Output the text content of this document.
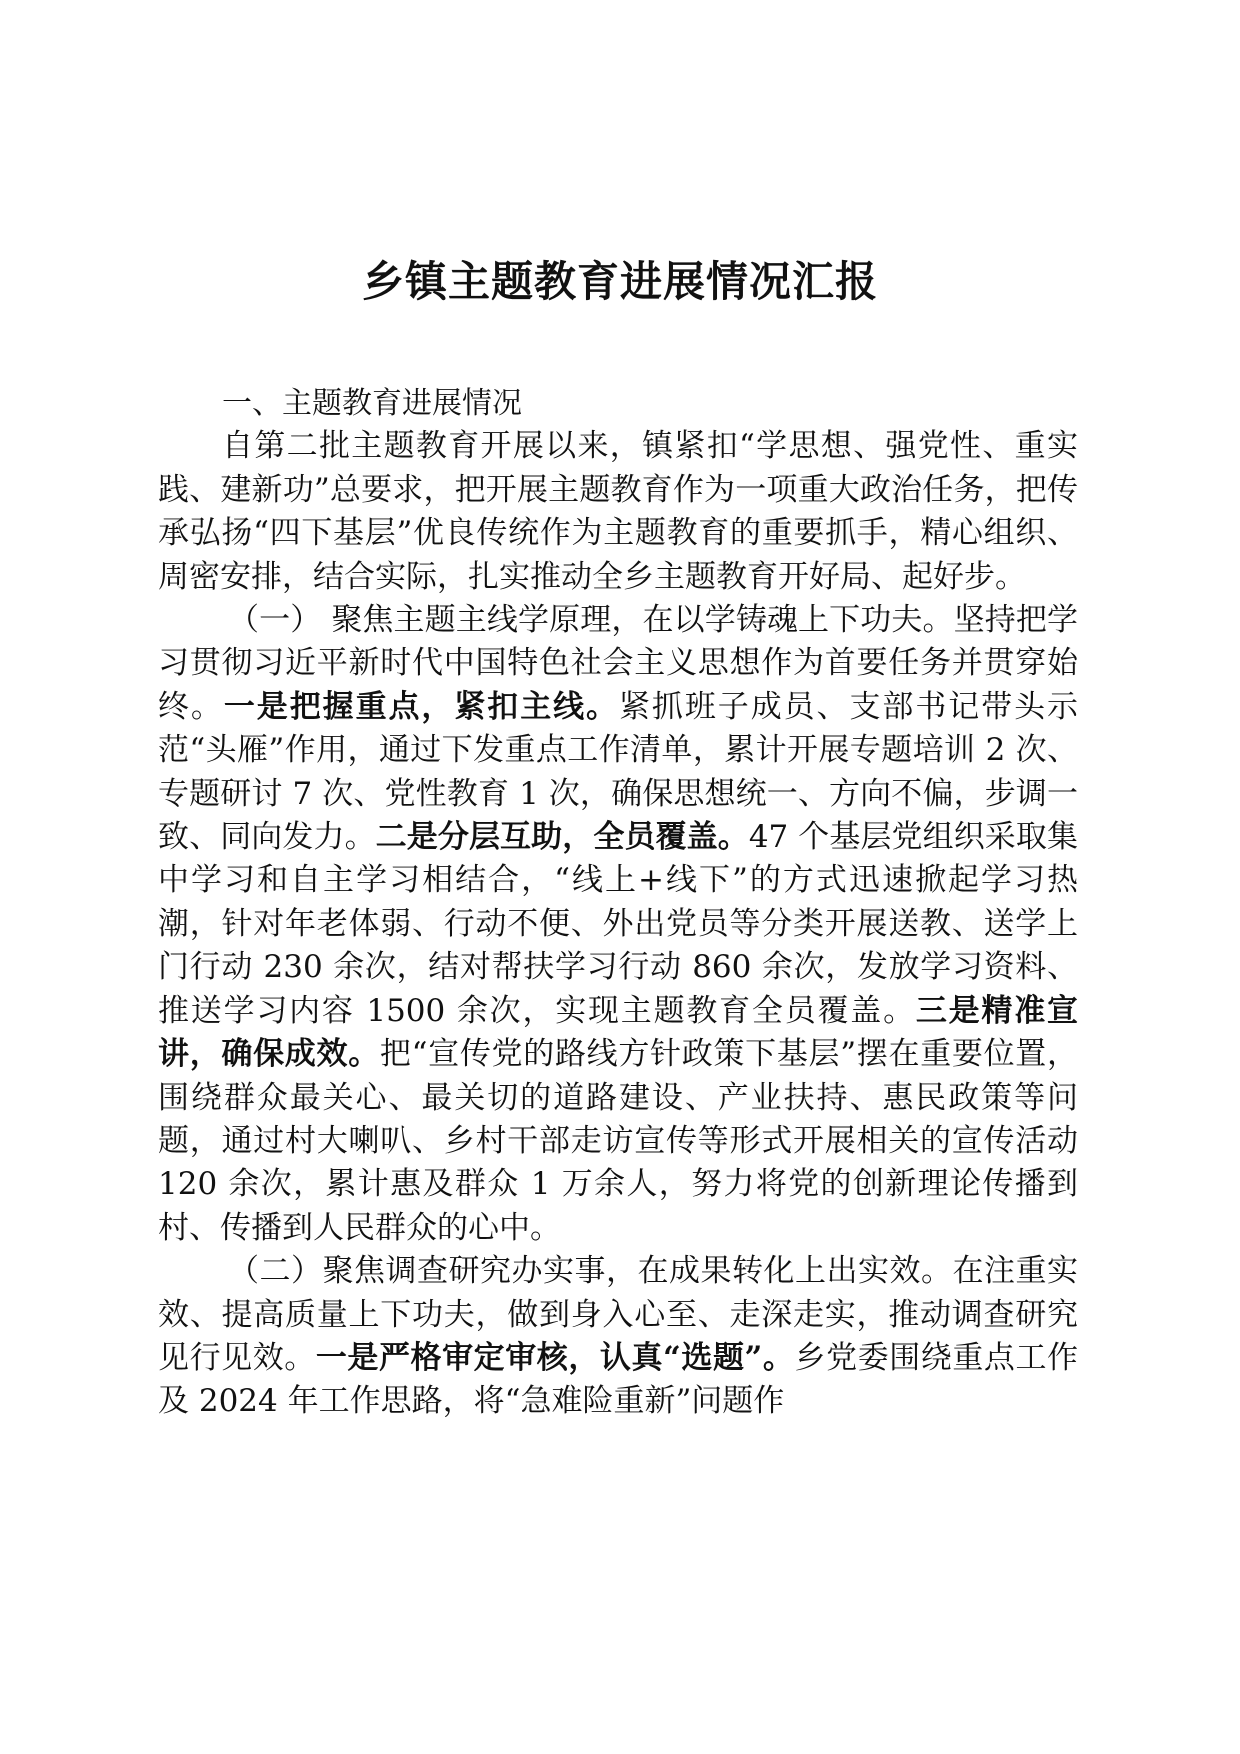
乡镇主题教育进展情况汇报

一、主题教育进展情况

自第二批主题教育开展以来，镇紧扣“学思想、强党性、重实践、建新功”总要求，把开展主题教育作为一项重大政治任务，把传承弘扬“四下基层”优良传统作为主题教育的重要抓手，精心组织、周密安排，结合实际，扎实推动全乡主题教育开好局、起好步。

（一） 聚焦主题主线学原理，在以学铸魂上下功夫。坚持把学习贯彻习近平新时代中国特色社会主义思想作为首要任务并贯穿始终。一是把握重点，紧扣主线。紧抓班子成员、支部书记带头示范“头雁”作用，通过下发重点工作清单，累计开展专题培训 2 次、专题研讨 7 次、党性教育 1 次，确保思想统一、方向不偏，步调一致、同向发力。二是分层互助，全员覆盖。47 个基层党组织采取集中学习和自主学习相结合，“线上+线下”的方式迅速掀起学习热潮，针对年老体弱、行动不便、外出党员等分类开展送教、送学上门行动 230 余次，结对帮扶学习行动 860 余次，发放学习资料、推送学习内容 1500 余次，实现主题教育全员覆盖。三是精准宣讲，确保成效。把“宣传党的路线方针政策下基层”摆在重要位置，围绕群众最关心、最关切的道路建设、产业扶持、惠民政策等问题，通过村大喇叭、乡村干部走访宣传等形式开展相关的宣传活动 120 余次，累计惠及群众 1 万余人，努力将党的创新理论传播到村、传播到人民群众的心中。

（二）聚焦调查研究办实事，在成果转化上出实效。在注重实效、提高质量上下功夫，做到身入心至、走深走实，推动调查研究见行见效。一是严格审定审核，认真“选题”。乡党委围绕重点工作及 2024 年工作思路，将“急难险重新”问题作
